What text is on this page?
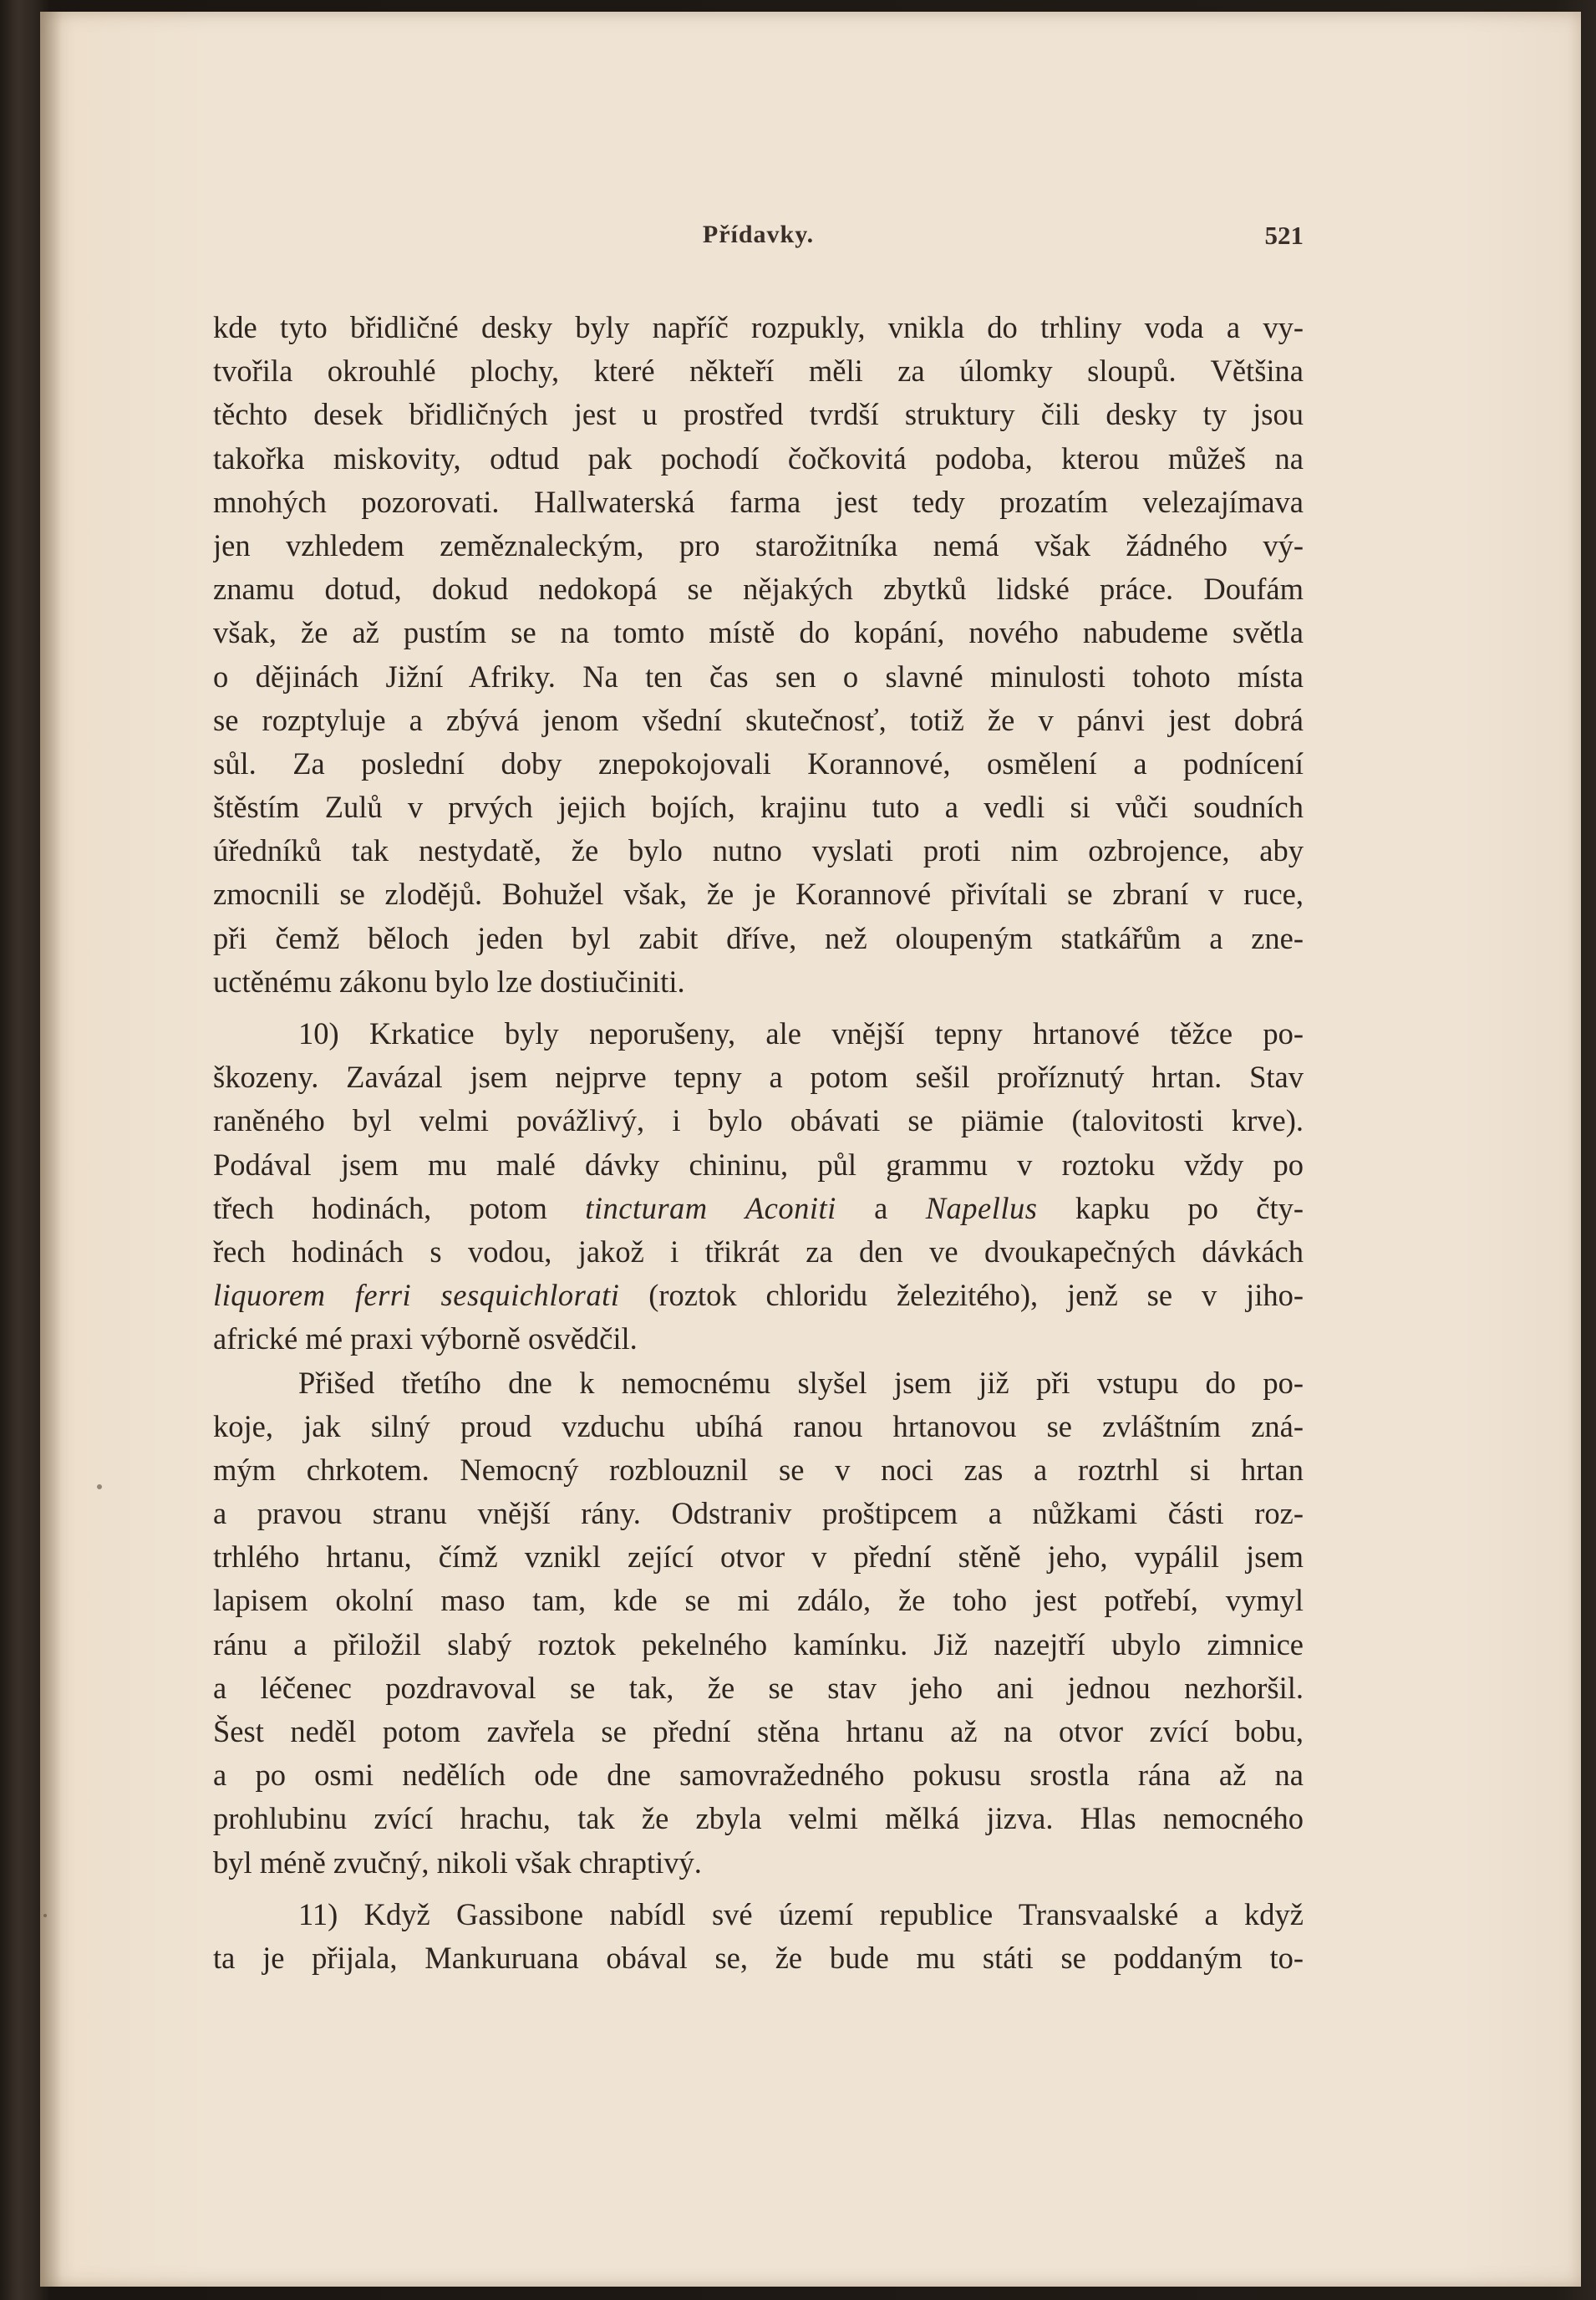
Přídavky.	521
kde tyto břidličné desky byly napříč rozpukly, vnikla do trhliny voda a vy-
tvořila okrouhlé plochy, které někteří měli za úlomky sloupů. Většina
těchto desek břidličných jest u prostřed tvrdší struktury čili desky ty jsou
takořka miskovity, odtud pak pochodí čočkovitá podoba, kterou můžeš na
mnohých pozorovati. Hallwaterská farma jest tedy prozatím velezajímava
jen vzhledem zeměznaleckým, pro starožitníka nemá však žádného vý-
znamu dotud, dokud nedokopá se nějakých zbytků lidské práce. Doufám
však, že až pustím se na tomto místě do kopání, nového nabudeme světla
o dějinách Jižní Afriky. Na ten čas sen o slavné minulosti tohoto místa
se rozptyluje a zbývá jenom všední skutečnosť, totiž že v pánvi jest dobrá
sůl. Za poslední doby znepokojovali Korannové, osmělení a podnícení
štěstím Zulů v prvých jejich bojích, krajinu tuto a vedli si vůči soudních
úředníků tak nestydatě, že bylo nutno vyslati proti nim ozbrojence, aby
zmocnili se zlodějů. Bohužel však, že je Korannové přivítali se zbraní v ruce,
při čemž běloch jeden byl zabit dříve, než oloupeným statkářům a zne-
uctěnému zákonu bylo lze dostiučiniti.
10) Krkatice byly neporušeny, ale vnější tepny hrtanové těžce po-
škozeny. Zavázal jsem nejprve tepny a potom sešil proříznutý hrtan. Stav
raněného byl velmi povážlivý, i bylo obávati se piämie (talovitosti krve).
Podával jsem mu malé dávky chininu, půl grammu v roztoku vždy po
třech hodinách, potom tincturam Aconiti a Napellus kapku po čty-
řech hodinách s vodou, jakož i třikrát za den ve dvoukapečných dávkách
liquorem ferri sesquichlorati (roztok chloridu železitého), jenž se v jiho-
africké mé praxi výborně osvědčil.
Přišed třetího dne k nemocnému slyšel jsem již při vstupu do po-
koje, jak silný proud vzduchu ubíhá ranou hrtanovou se zvláštním zná-
mým chrkotem. Nemocný rozblouznil se v noci zas a roztrhl si hrtan
a pravou stranu vnější rány. Odstraniv proštipcem a nůžkami části roz-
trhlého hrtanu, čímž vznikl zející otvor v přední stěně jeho, vypálil jsem
lapisem okolní maso tam, kde se mi zdálo, že toho jest potřebí, vymyl
ránu a přiložil slabý roztok pekelného kamínku. Již nazejtří ubylo zimnice
a léčenec pozdravoval se tak, že se stav jeho ani jednou nezhoršil.
Šest neděl potom zavřela se přední stěna hrtanu až na otvor zvící bobu,
a po osmi nedělích ode dne samovražedného pokusu srostla rána až na
prohlubinu zvící hrachu, tak že zbyla velmi mělká jizva. Hlas nemocného
byl méně zvučný, nikoli však chraptivý.
11) Když Gassibone nabídl své území republice Transvaalské a když
ta je přijala, Mankuruana obával se, že bude mu státi se poddaným to-
